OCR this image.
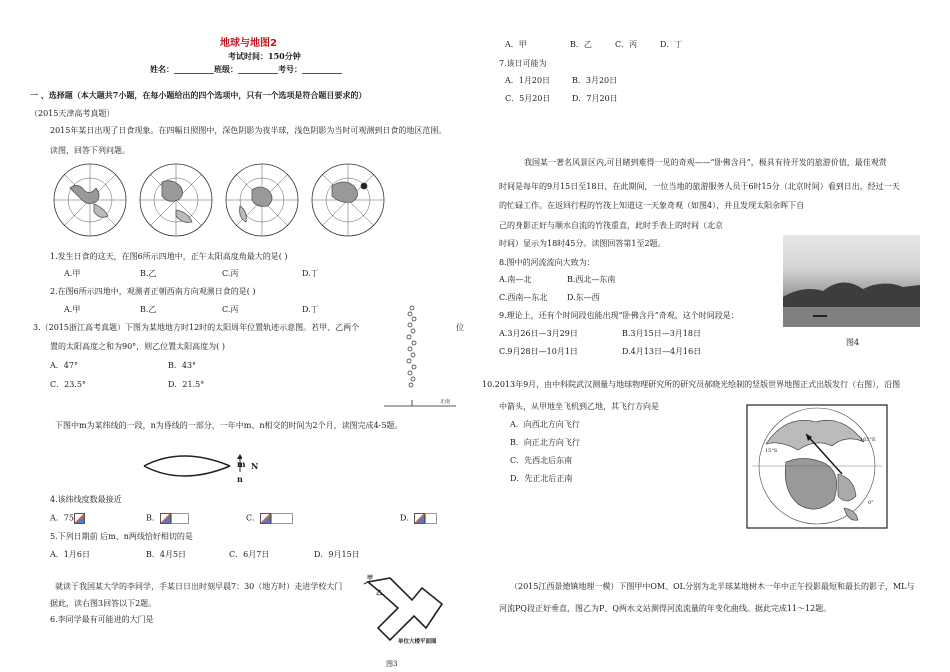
地球与地图2
考试时间：150分钟
姓名：__________班级：__________考号：__________
一 、选择题（本大题共7小题，在每小题给出的四个选项中，只有一个选项是符合题目要求的）
（2015天津高考真题）
2015年某日出现了日食现象。在四幅日照图中，深色阴影为夜半球，浅色阴影为当时可观测到日食的地区范围。
读图，回答下列问题。
1.发生日食的这天，在图6所示四地中，正午太阳高度角最大的是( )
A.甲	B.乙	C.丙	D.丁
2.在图6所示四地中，观测者正朝西南方向观测日食的是( )
A.甲	B.乙	C.丙	D.丁
3.（2015浙江高考真题）下图为某地地方时12时的太阳周年位置轨迹示意图。若甲、乙两个	位
置的太阳高度之和为90°，则乙位置太阳高度为( )
A．47°	B．43°
C．23.5°	D．21.5°
正南
下图中m为某纬线的一段，n为昏线的一部分，一年中m、n相交的时间为2个月，读图完成4-5题。
m
n
N
4.该纬线度数最接近
A．75	B．	C．	D．
5.下列日期前 后m、n两线恰好相切的是
A．1月6日	B．4月5日	C．6月7日	D．9月15日
就读于我国某大学的李同学，手某日日出时刻早晨7：30（地方时）走进学校大门
据此，读右图3回答以下2题。
6.李同学最有可能进的大门是
甲
乙
单位大楼平面图
图3
A．甲	B．乙	C．丙	D．丁
7.该日可能为
A．1月20日	B．3月20日
C．5月20日	D．7月20日
我国某一著名风景区内,可目睹到难得一见的奇观——“卧佛含丹”，极具有待开发的旅游价值，最佳观赏
时间是每年的9月15日至18日，在此期间，一位当地的旅游服务人员于6时15分（北京时间）看到日出，经过一天
的忙碌工作。在返回行程的竹筏上知道这一天象奇观（如图4），并且发现太阳余晖下自
己的身影正好与顺水自流的竹筏重直，此时手表上的时间（北京
时间）显示为18时45分。读图回答第1至2题。
8.图中的河流流向大致为：
A.南—北	B.西北—东南
C.西南—东北 D.东—西
9.理论上，还有个时间段也能出现“卧佛含丹”奇观，这个时间段是：
A.3月26日—3月29日	B.3月15日—3月18日
C.9月28日—10月1日	D.4月13日—4月16日
图4
10.2013年9月，由中科院武汉测量与地球物理研究所的研究员郝晓光绘制的竖版世界地图正式出版发行（右图），沿图
中箭头，从甲地坐飞机到乙地，其飞行方向是
A．向西北方向飞行
B．向正北方向飞行
C．先西北后东南
D．先正北后正南
165°E
15°S
0°
（2015江西景德镇地理一模）下图甲中OM、OL分别为北半球某地树木一年中正午投影最短和最长的影子，ML与
河流PQ段正好垂直，图乙为P、Q两水文站测得河流流量的年变化曲线。据此完成11～12题。
